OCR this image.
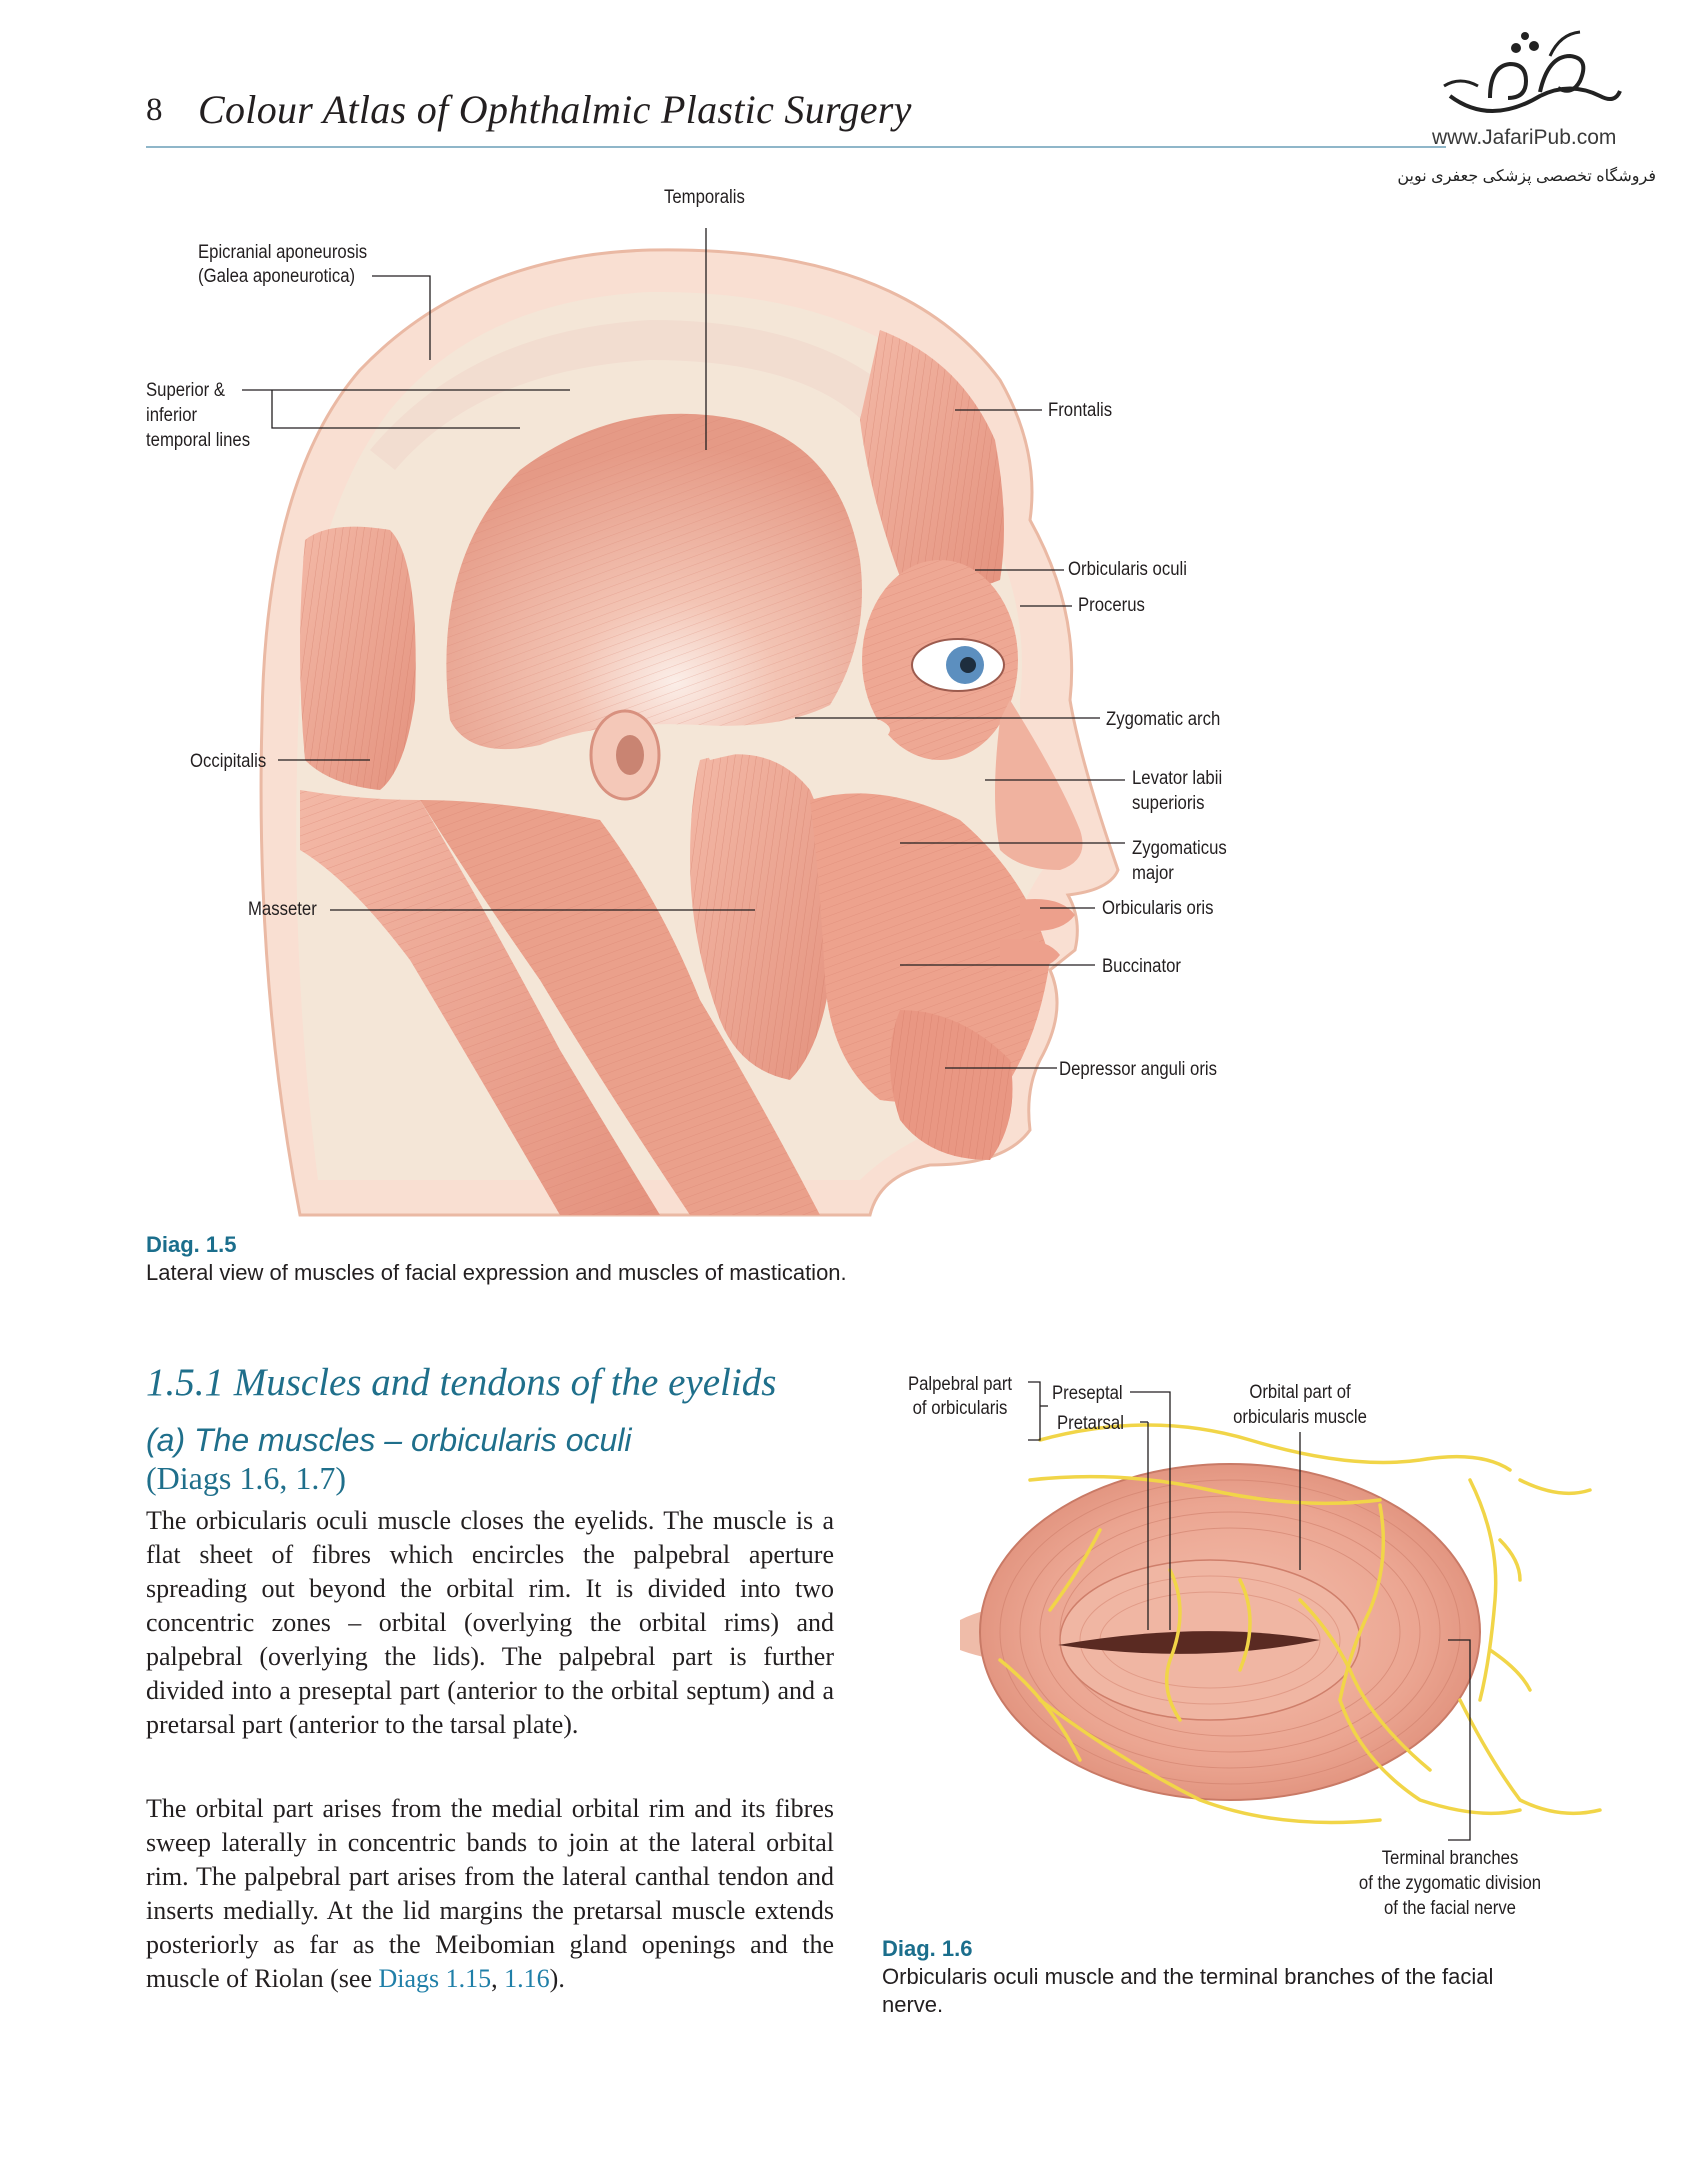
8 Colour Atlas of Ophthalmic Plastic Surgery
www.JafariPub.com
فروشگاه تخصصی پزشکی جعفری نوین
Temporalis
Epicranial aponeurosis
(Galea aponeurotica)
Superior &
inferior
temporal lines
Frontalis
Orbicularis oculi
Procerus
Zygomatic arch
Occipitalis
Levator labii
superioris
Zygomaticus
major
Masseter	Orbicularis oris
Buccinator
Depressor anguli oris
Diag. 1.5
Lateral view of muscles of facial expression and muscles of mastication.
1.5.1 Muscles and tendons of the eyelids
(a) The muscles – orbicularis oculi
(Diags 1.6, 1.7)
The orbicularis oculi muscle closes the eyelids. The muscle is a flat sheet of fibres which encircles the palpebral aperture spreading out beyond the orbital rim. It is divided into two concentric zones – orbital (overlying the orbital rims) and palpebral (overlying the lids). The palpebral part is further divided into a preseptal part (anterior to the orbital septum) and a pretarsal part (anterior to the tarsal plate).
The orbital part arises from the medial orbital rim and its fibres sweep laterally in concentric bands to join at the lateral orbital rim. The palpebral part arises from the lateral canthal tendon and inserts medially. At the lid margins the pretarsal muscle extends posteriorly as far as the Meibomian gland openings and the muscle of Riolan (see Diags 1.15, 1.16).
Palpebral part
of orbicularis
Preseptal
Pretarsal
Orbital part of
orbicularis muscle
Terminal branches
of the zygomatic division
of the facial nerve
Diag. 1.6
Orbicularis oculi muscle and the terminal branches of the facial
nerve.
